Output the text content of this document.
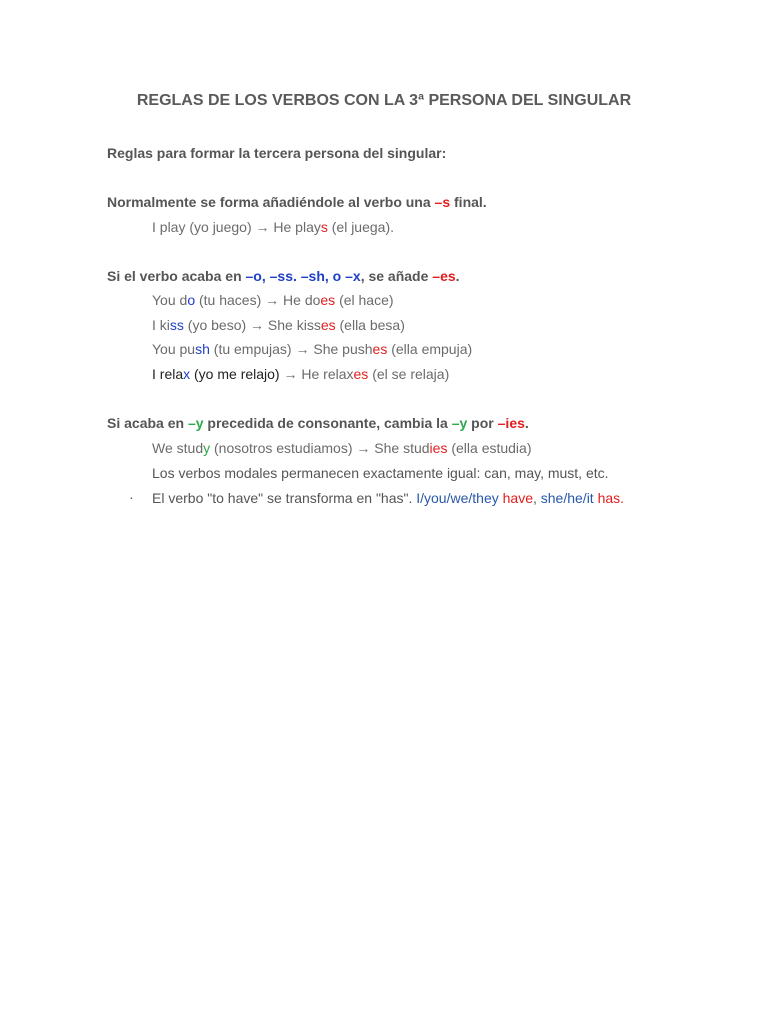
REGLAS DE LOS VERBOS CON LA 3ª PERSONA DEL SINGULAR
Reglas para formar la tercera persona del singular:
Normalmente se forma añadiéndole al verbo una –s final.
I play (yo juego) → He plays (el juega).
Si el verbo acaba en –o, –ss. –sh, o –x, se añade –es.
You do (tu haces) → He does (el hace)
I kiss (yo beso) → She kisses (ella besa)
You push (tu empujas) → She pushes (ella empuja)
I relax (yo me relajo) → He relaxes (el se relaja)
Si acaba en –y precedida de consonante, cambia la –y por –ies.
We study (nosotros estudiamos) → She studies (ella estudia)
Los verbos modales permanecen exactamente igual: can, may, must, etc.
· El verbo "to have" se transforma en "has". I/you/we/they have, she/he/it has.
